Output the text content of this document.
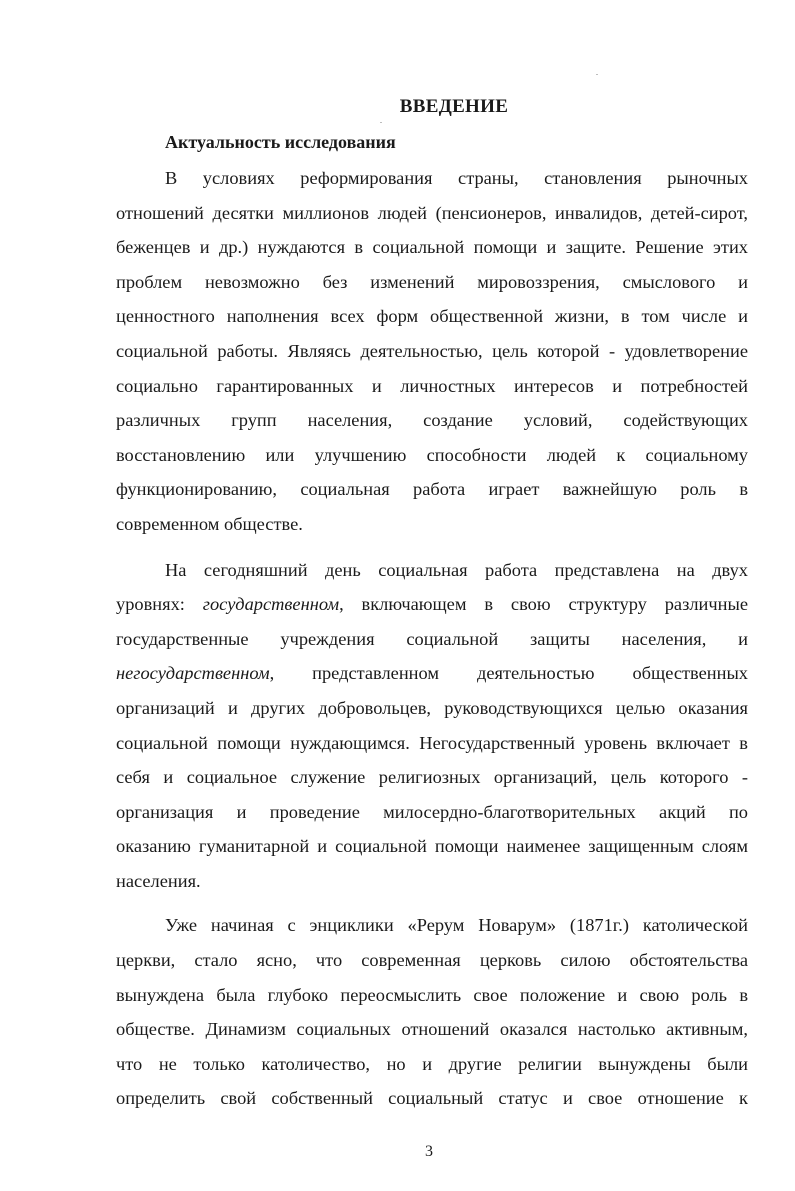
ВВЕДЕНИЕ
Актуальность исследования
В условиях реформирования страны, становления рыночных
отношений десятки миллионов людей (пенсионеров, инвалидов, детей-сирот,
беженцев и др.) нуждаются в социальной помощи и защите. Решение этих
проблем невозможно без изменений мировоззрения, смыслового и
ценностного наполнения всех форм общественной жизни, в том числе и
социальной работы. Являясь деятельностью, цель которой - удовлетворение
социально гарантированных и личностных интересов и потребностей
различных групп населения, создание условий, содействующих
восстановлению или улучшению способности людей к социальному
функционированию, социальная работа играет важнейшую роль в
современном обществе.
На сегодняшний день социальная работа представлена на двух
уровнях: государственном, включающем в свою структуру различные
государственные учреждения социальной защиты населения, и
негосударственном, представленном деятельностью общественных
организаций и других добровольцев, руководствующихся целью оказания
социальной помощи нуждающимся. Негосударственный уровень включает в
себя и социальное служение религиозных организаций, цель которого -
организация и проведение милосердно-благотворительных акций по
оказанию гуманитарной и социальной помощи наименее защищенным слоям
населения.
Уже начиная с энциклики «Рерум Новарум» (1871г.) католической
церкви, стало ясно, что современная церковь силою обстоятельства
вынуждена была глубоко переосмыслить свое положение и свою роль в
обществе. Динамизм социальных отношений оказался настолько активным,
что не только католичество, но и другие религии вынуждены были
определить свой собственный социальный статус и свое отношение к
3
